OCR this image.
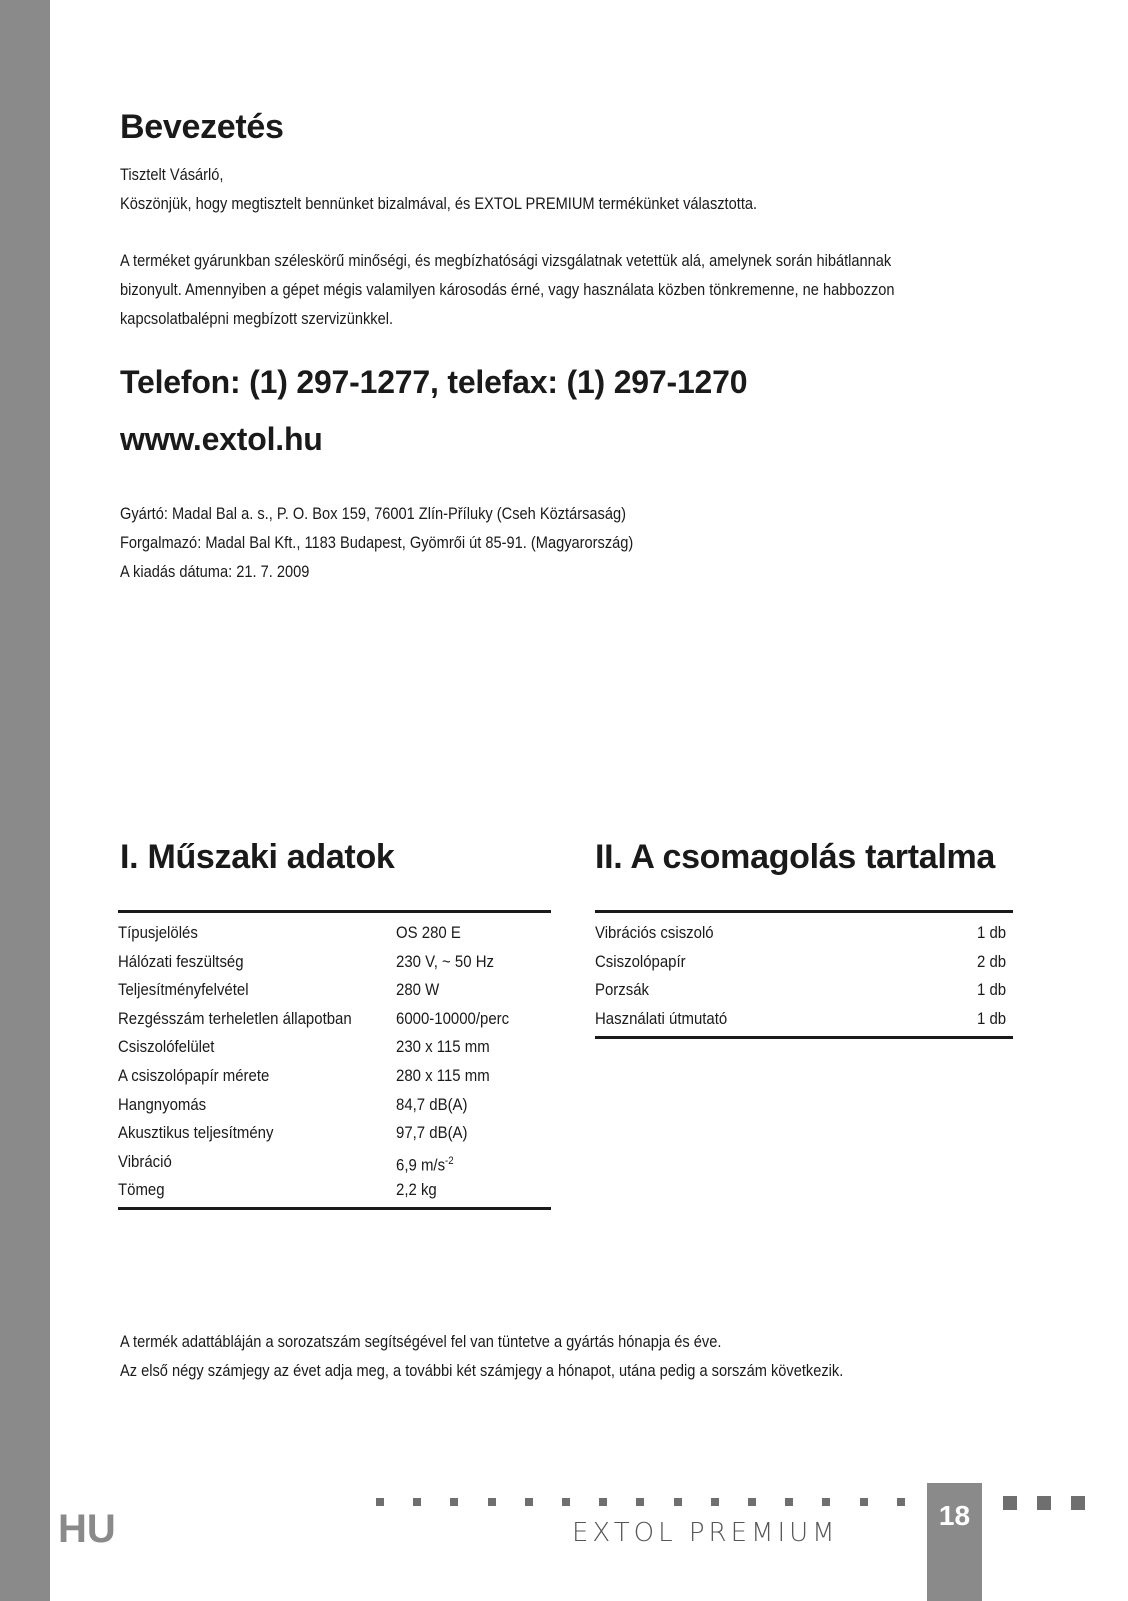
Bevezetés
Tisztelt Vásárló,
Köszönjük, hogy megtisztelt bennünket bizalmával, és EXTOL PREMIUM termékünket választotta.
A terméket gyárunkban széleskörű minőségi, és megbízhatósági vizsgálatnak vetettük alá, amelynek során hibátlannak
bizonyult. Amennyiben a gépet mégis valamilyen károsodás érné, vagy használata közben tönkremenne, ne habbozzon
kapcsolatbalépni megbízott szervizünkkel.
Telefon: (1) 297-1277, telefax: (1) 297-1270
www.extol.hu
Gyártó: Madal Bal a. s., P. O. Box 159, 76001 Zlín-Příluky (Cseh Köztársaság)
Forgalmazó: Madal Bal Kft., 1183 Budapest, Gyömrői út 85-91. (Magyarország)
A kiadás dátuma: 21. 7. 2009
I. Műszaki adatok
Típusjelölés	OS 280 E
Hálózati feszültség	230 V, ~ 50 Hz
Teljesítményfelvétel	280 W
Rezgésszám terheletlen állapotban	6000-10000/perc
Csiszolófelület	230 x 115 mm
A csiszolópapír mérete	280 x 115 mm
Hangnyomás	84,7 dB(A)
Akusztikus teljesítmény	97,7 dB(A)
Vibráció	6,9 $m/s^{-2}$
Tömeg	2,2 kg
II. A csomagolás tartalma
Vibrációs csiszoló	1 db
Csiszolópapír	2 db
Porzsák	1 db
Használati útmutató	1 db
A termék adattábláján a sorozatszám segítségével fel van tüntetve a gyártás hónapja és éve.
Az első négy számjegy az évet adja meg, a további két számjegy a hónapot, utána pedig a sorszám következik.
HU	EXTOL PREMIUM
18
